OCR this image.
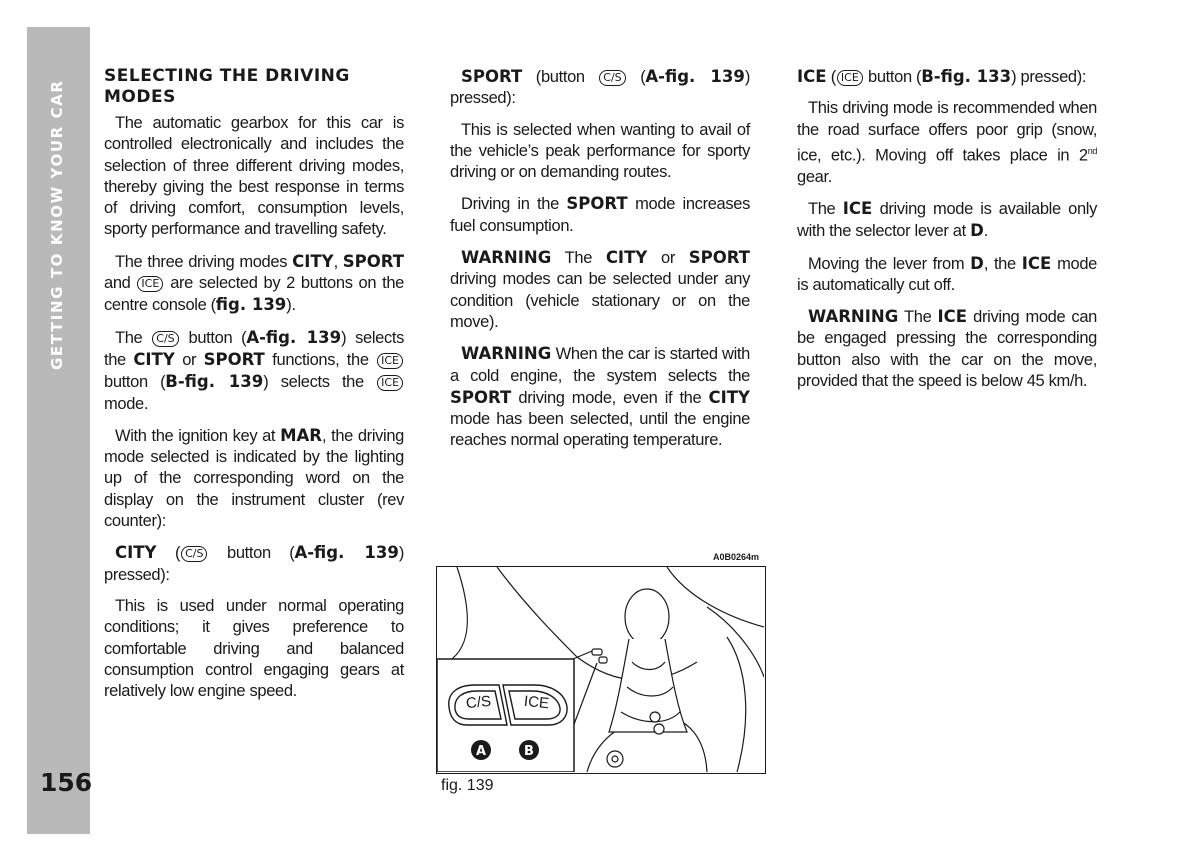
GETTING TO KNOW YOUR CAR
156
SELECTING THE DRIVING MODES

The automatic gearbox for this car is controlled electronically and includes the selection of three different driving modes, thereby giving the best response in terms of driving comfort, consumption levels, sporty performance and travelling safety.

The three driving modes CITY, SPORT and ICE are selected by 2 buttons on the centre console (fig. 139).

The C/S button (A-fig. 139) selects the CITY or SPORT functions, the ICE button (B-fig. 139) selects the ICE mode.

With the ignition key at MAR, the driving mode selected is indicated by the lighting up of the corresponding word on the display on the instrument cluster (rev counter):

CITY ( C/S button (A-fig. 139) pressed):

This is used under normal operating conditions; it gives preference to comfortable driving and balanced consumption control engaging gears at relatively low engine speed.

SPORT (button C/S (A-fig. 139) pressed):

This is selected when wanting to avail of the vehicle’s peak performance for sporty driving or on demanding routes.

Driving in the SPORT mode increases fuel consumption.

WARNING The CITY or SPORT driving modes can be selected under any condition (vehicle stationary or on the move).

WARNING When the car is started with a cold engine, the system selects the SPORT driving mode, even if the CITY mode has been selected, until the engine reaches normal operating temperature.

ICE ( ICE button (B-fig. 133) pressed):

This driving mode is recommended when the road surface offers poor grip (snow, ice, etc.). Moving off takes place in 2nd gear.

The ICE driving mode is available only with the selector lever at D.

Moving the lever from D, the ICE mode is automatically cut off.

WARNING The ICE driving mode can be engaged pressing the corresponding button also with the car on the move, provided that the speed is below 45 km/h.

A0B0264m
C/S ICE
A	B
fig. 139
